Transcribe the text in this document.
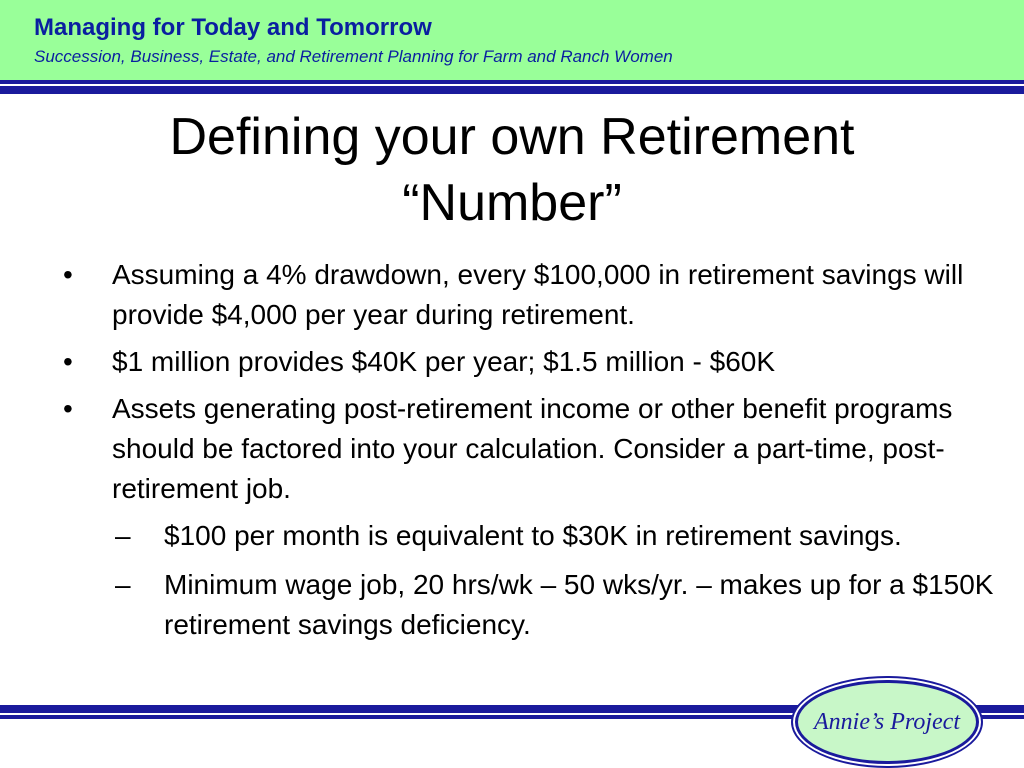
Managing for Today and Tomorrow
Succession, Business, Estate, and Retirement Planning for Farm and Ranch Women
Defining your own Retirement
“Number”
• Assuming a 4% drawdown, every $100,000 in retirement savings will provide $4,000 per year during retirement.
• $1 million provides $40K per year; $1.5 million - $60K
• Assets generating post-retirement income or other benefit programs should be factored into your calculation. Consider a part-time, post-retirement job.
– $100 per month is equivalent to $30K in retirement savings.
– Minimum wage job, 20 hrs/wk – 50 wks/yr. – makes up for a $150K retirement savings deficiency.
Annie’s Project
